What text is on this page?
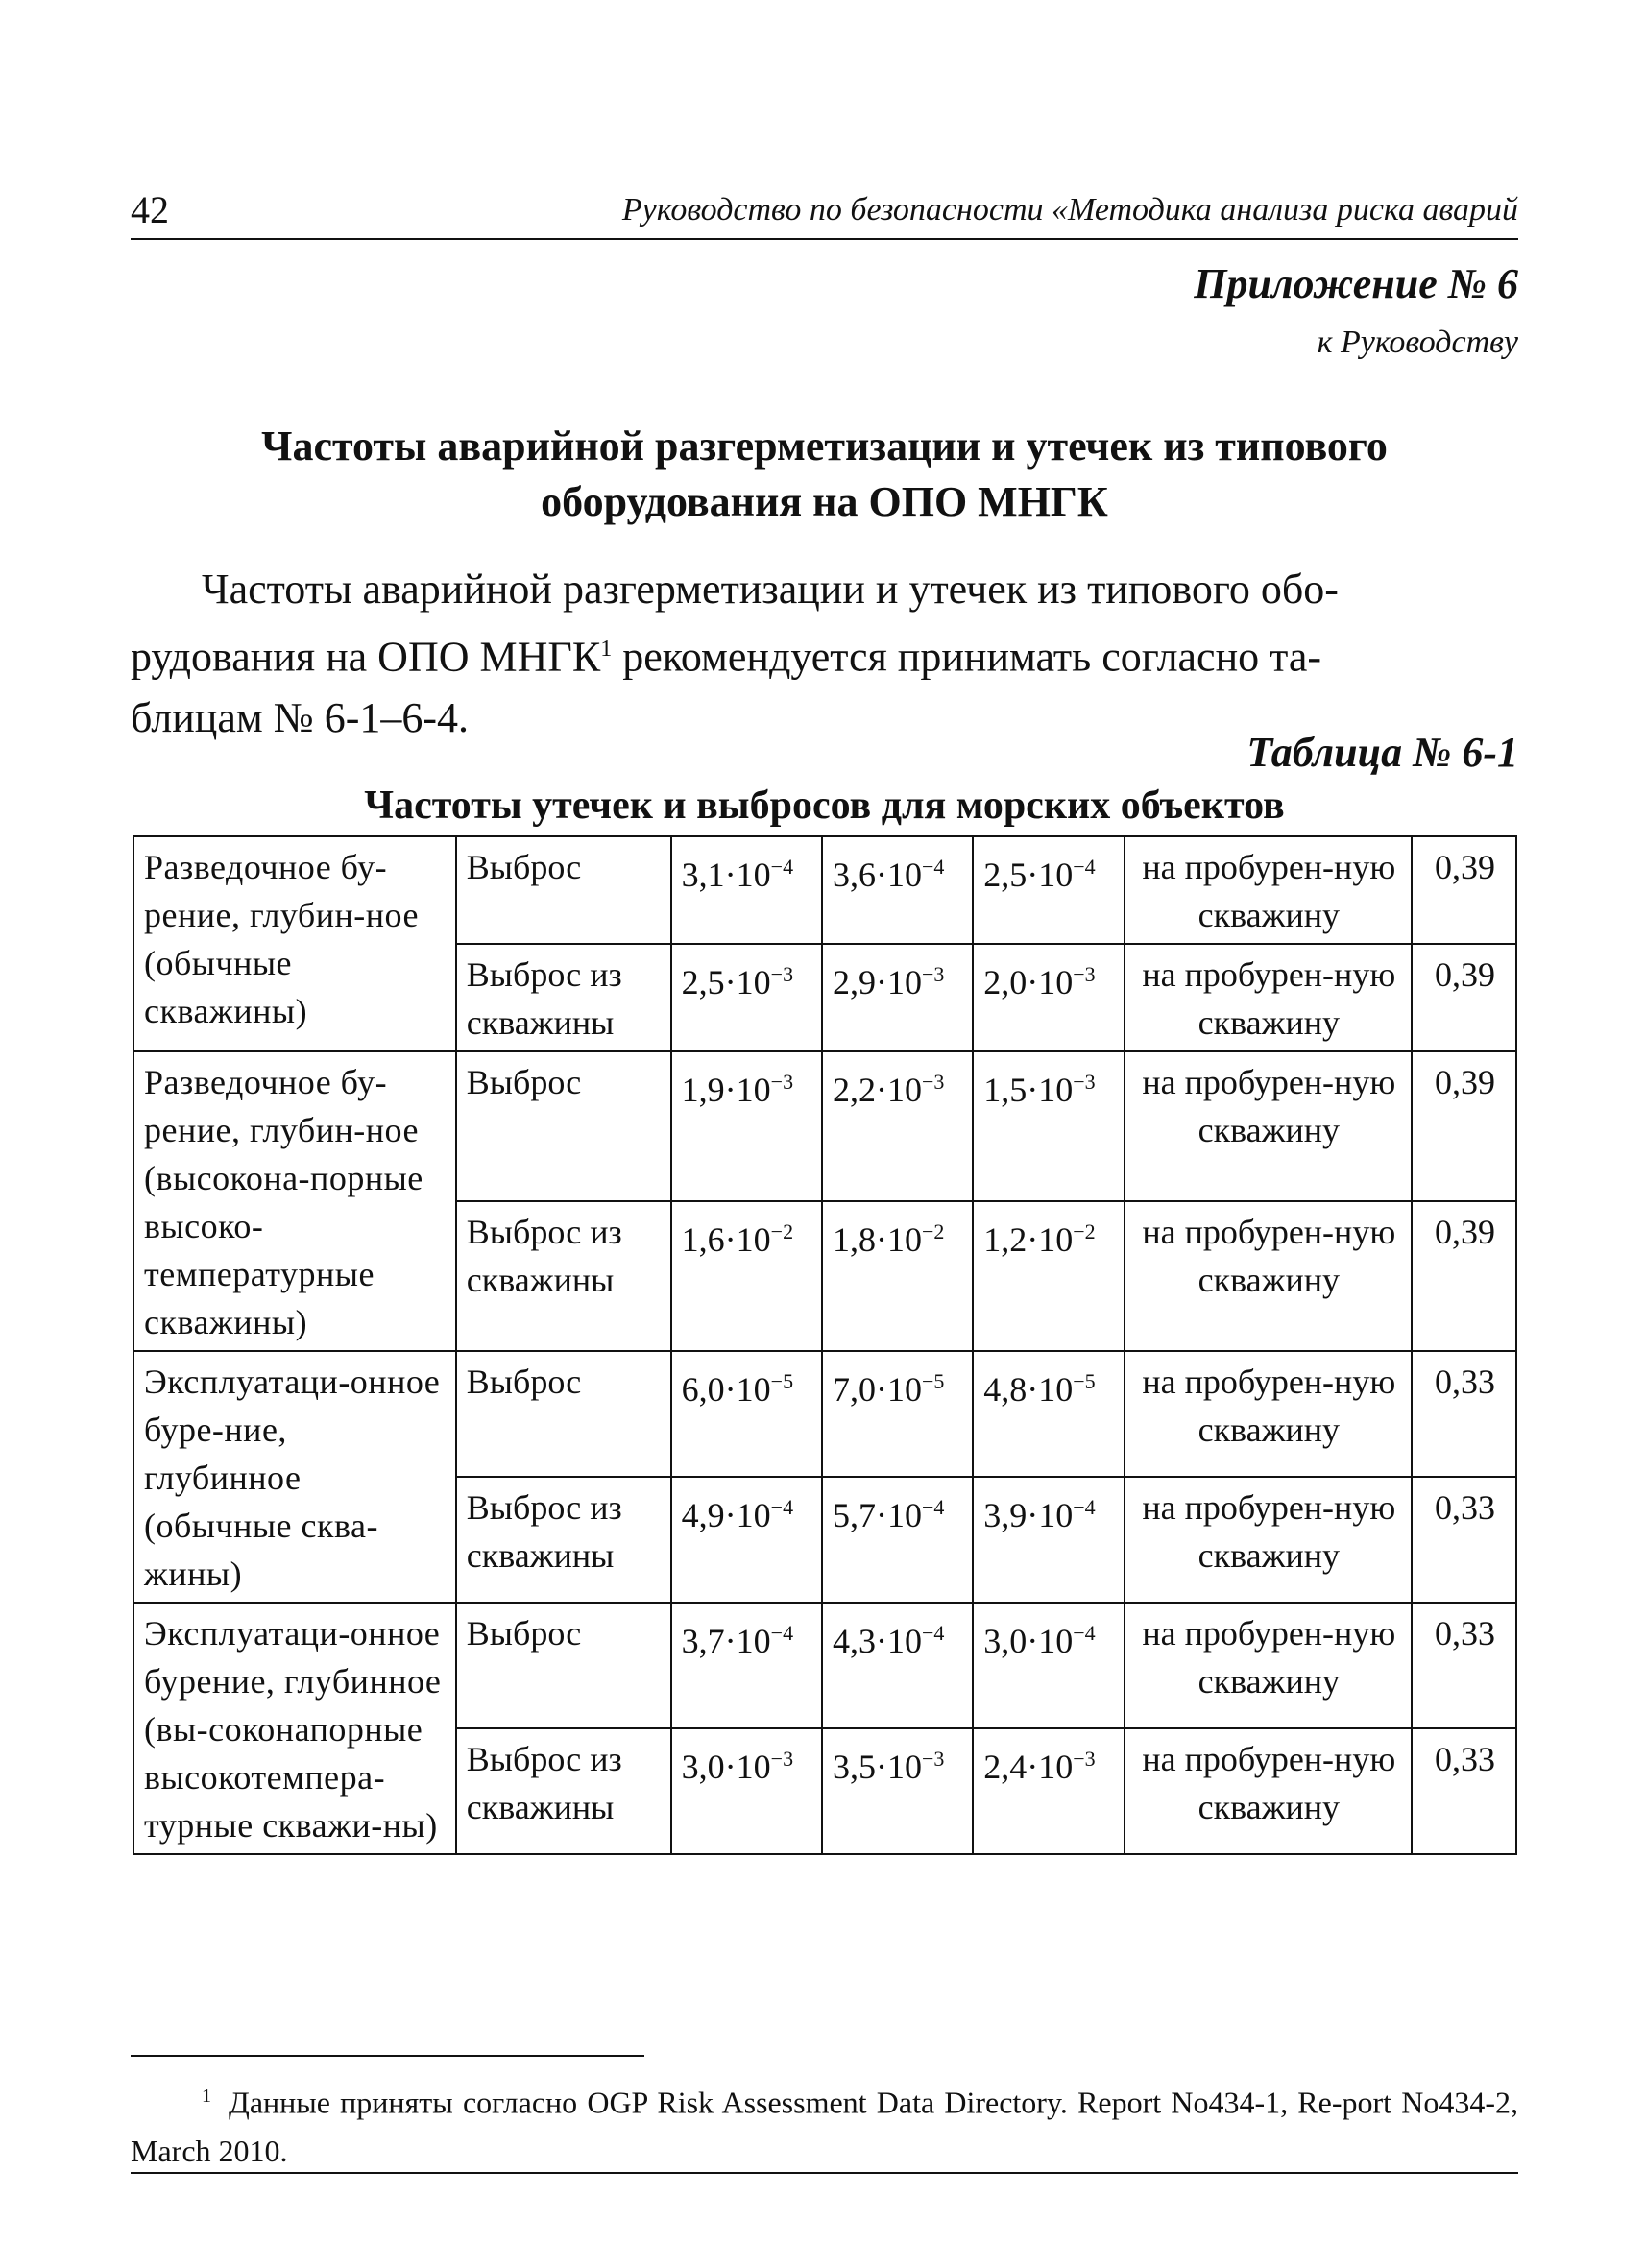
42	Руководство по безопасности «Методика анализа риска аварий
Приложение № 6
к Руководству
Частоты аварийной разгерметизации и утечек из типового
оборудования на ОПО МНГК
Частоты аварийной разгерметизации и утечек из типового обо-
рудования на ОПО МНГК$^1$ рекомендуется принимать согласно та-
блицам № 6-1–6-4.
Таблица № 6-1
Частоты утечек и выбросов для морских объектов
Разведочное бу-рение, глубин-ное (обычные скважины)	Выброс	$3,1\cdot 10^{-4}$	$3,6\cdot 10^{-4}$	$2,5\cdot 10^{-4}$	на пробурен-ную скважину	0,39
	Выброс из скважины	$2,5\cdot 10^{-3}$	$2,9\cdot 10^{-3}$	$2,0\cdot 10^{-3}$	на пробурен-ную скважину	0,39
Разведочное бу-рение, глубин-ное (высокона-порные высоко-температурные скважины)	Выброс	$1,9\cdot 10^{-3}$	$2,2\cdot 10^{-3}$	$1,5\cdot 10^{-3}$	на пробурен-ную скважину	0,39
	Выброс из скважины	$1,6\cdot 10^{-2}$	$1,8\cdot 10^{-2}$	$1,2\cdot 10^{-2}$	на пробурен-ную скважину	0,39
Эксплуатаци-онное буре-ние, глубинное (обычные сква-жины)	Выброс	$6,0\cdot 10^{-5}$	$7,0\cdot 10^{-5}$	$4,8\cdot 10^{-5}$	на пробурен-ную скважину	0,33
	Выброс из скважины	$4,9\cdot 10^{-4}$	$5,7\cdot 10^{-4}$	$3,9\cdot 10^{-4}$	на пробурен-ную скважину	0,33
Эксплуатаци-онное бурение, глубинное (вы-соконапорные высокотемпера-турные скважи-ны)	Выброс	$3,7\cdot 10^{-4}$	$4,3\cdot 10^{-4}$	$3,0\cdot 10^{-4}$	на пробурен-ную скважину	0,33
	Выброс из скважины	$3,0\cdot 10^{-3}$	$3,5\cdot 10^{-3}$	$2,4\cdot 10^{-3}$	на пробурен-ную скважину	0,33
$^1$ Данные приняты согласно OGP Risk Assessment Data Directory. Report No434-1, Re-port No434-2, March 2010.
